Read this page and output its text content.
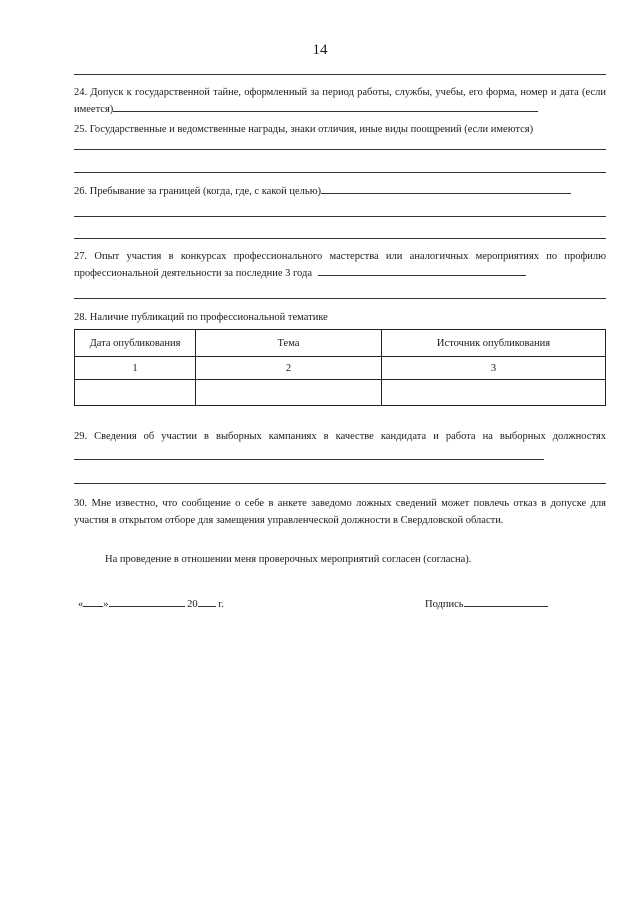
14
24. Допуск к государственной тайне, оформленный за период работы, службы, учебы, его форма, номер и дата (если имеется)
25. Государственные и ведомственные награды, знаки отличия, иные виды поощрений (если имеются)
26. Пребывание за границей (когда, где, с какой целью)
27. Опыт участия в конкурсах профессионального мастерства или аналогичных мероприятиях по профилю профессиональной деятельности за последние 3 года
28. Наличие публикаций по профессиональной тематике
Дата опубликования	Тема	Источник опубликования
1	2	3

29. Сведения об участии в выборных кампаниях в качестве кандидата и работа на выборных должностях
30. Мне известно, что сообщение о себе в анкете заведомо ложных сведений может повлечь отказ в допуске для участия в открытом отборе для замещения управленческой должности в Свердловской области.
На проведение в отношении меня проверочных мероприятий согласен (согласна).
« »	20 г.	Подпись
